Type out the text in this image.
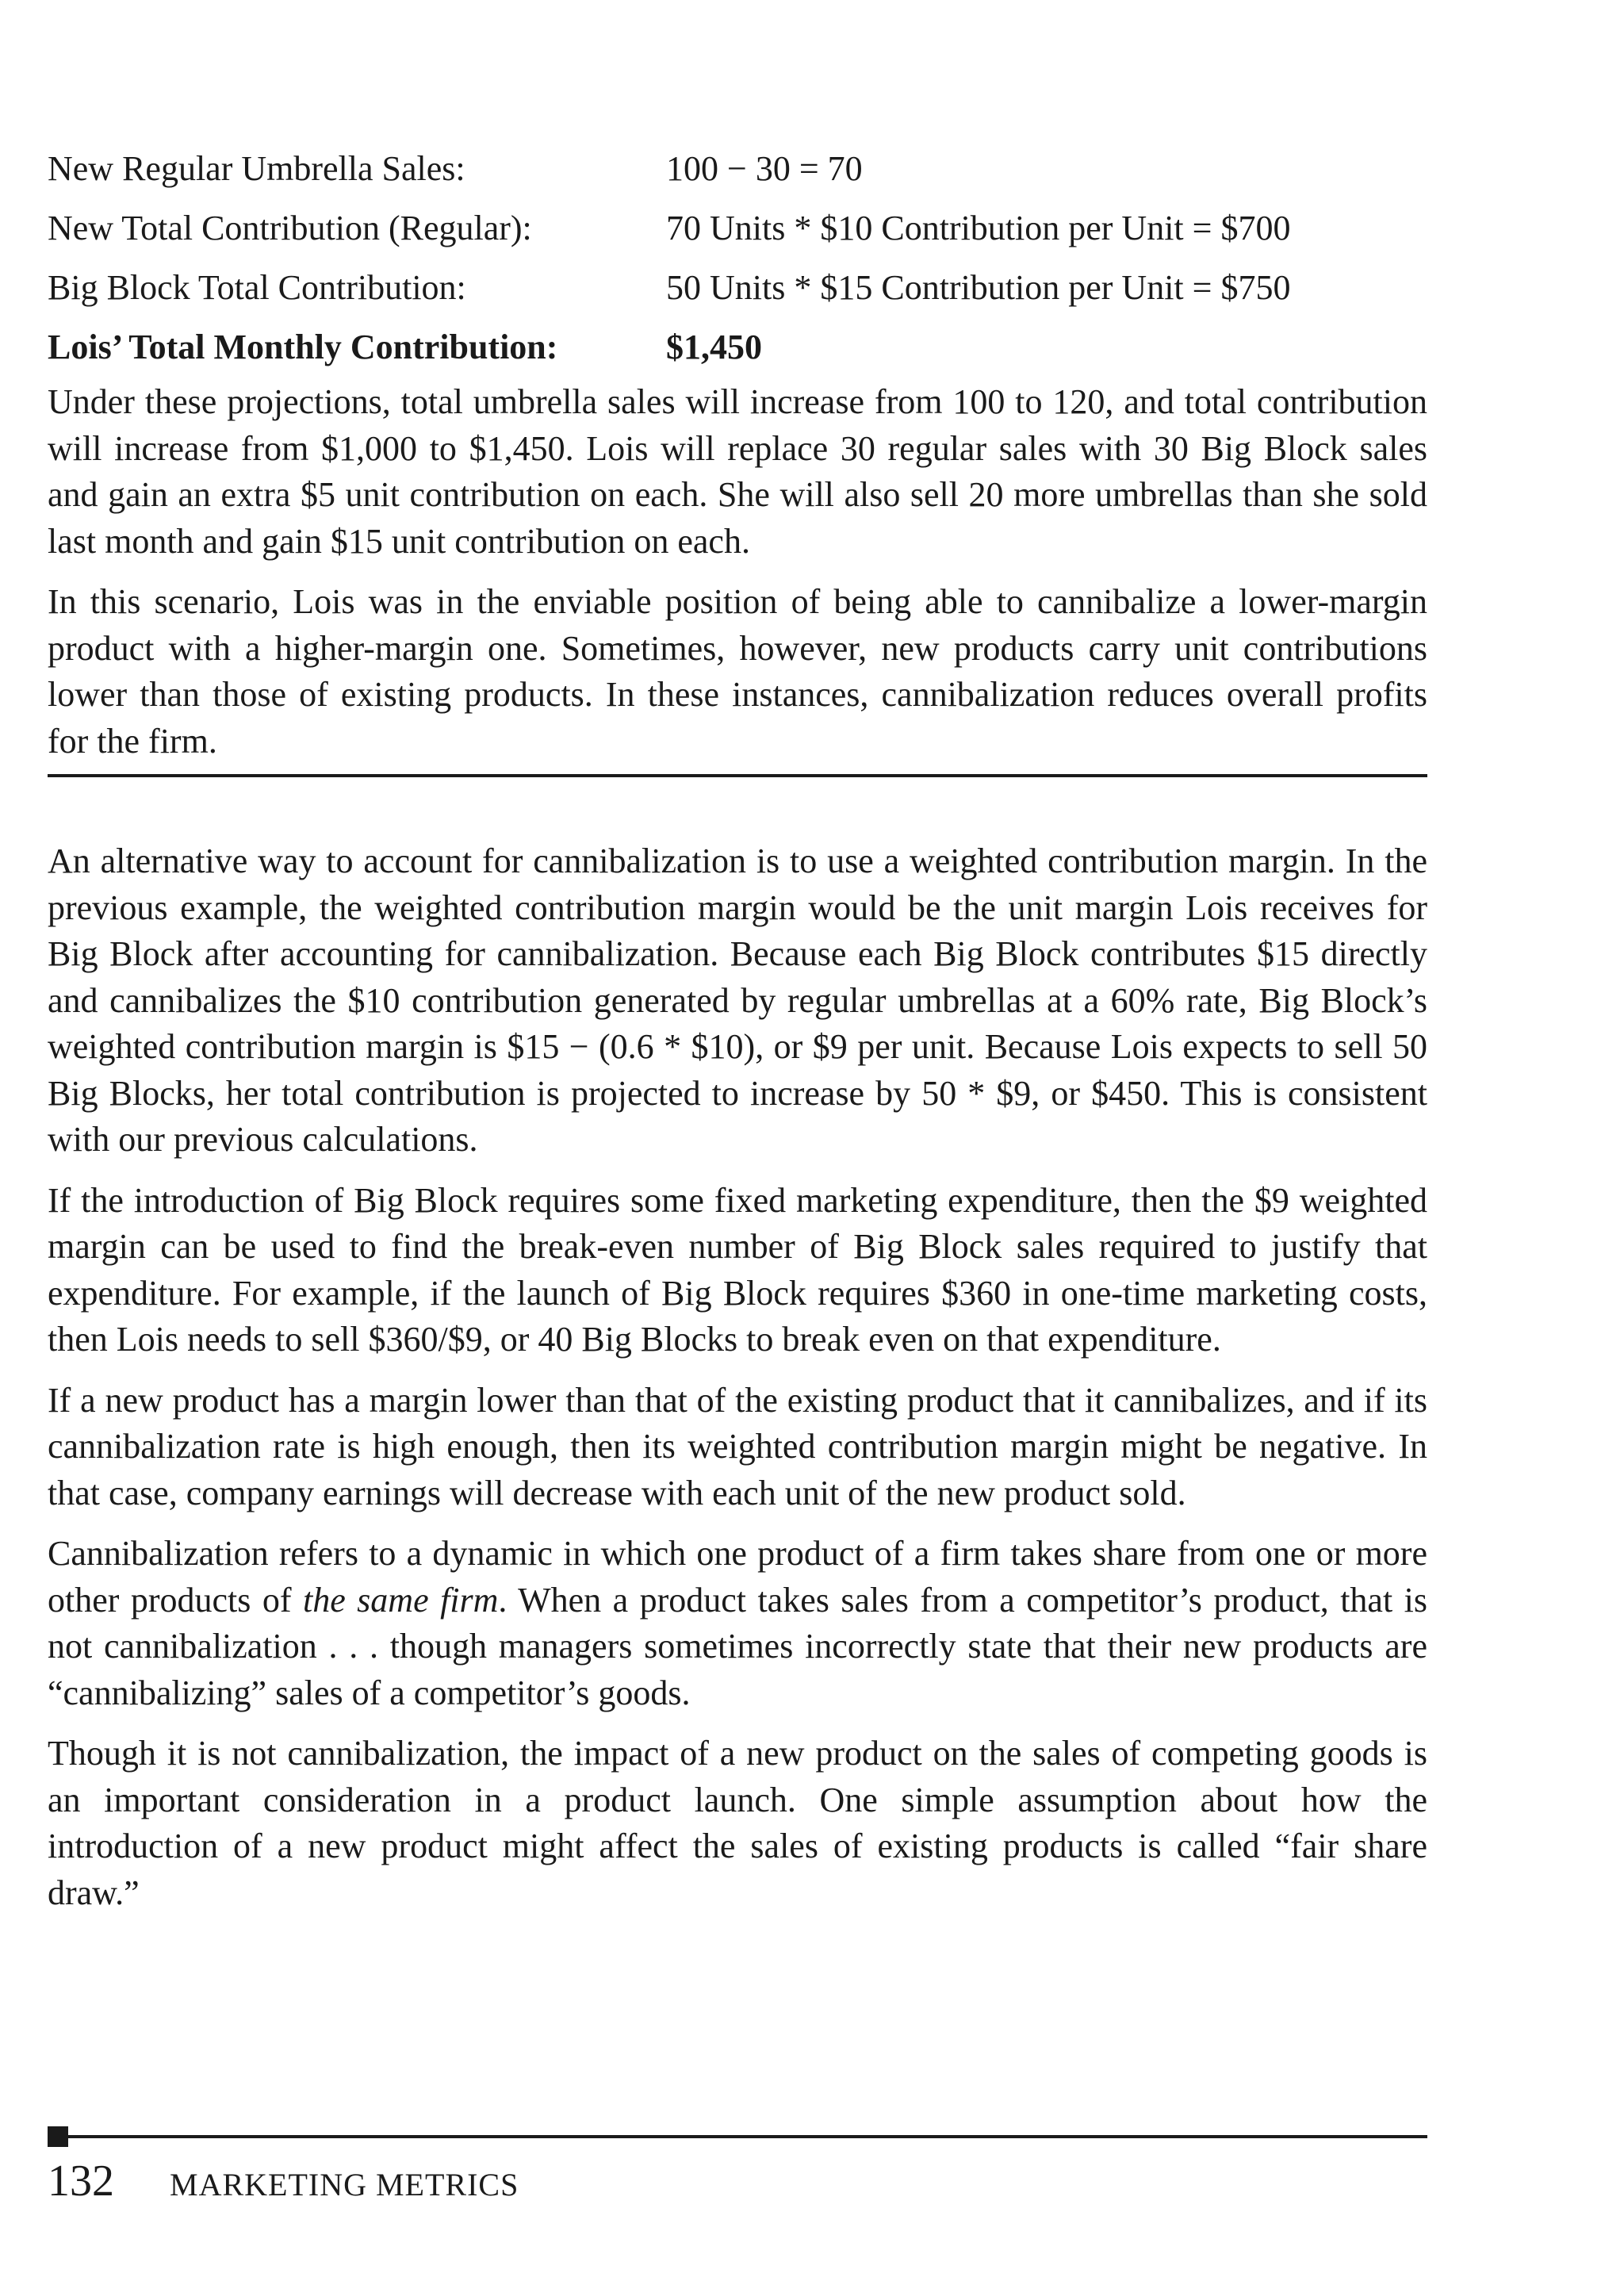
New Regular Umbrella Sales:	100 − 30 = 70
New Total Contribution (Regular):	70 Units * $10 Contribution per Unit = $700
Big Block Total Contribution:	50 Units * $15 Contribution per Unit = $750
Lois’ Total Monthly Contribution:	$1,450

Under these projections, total umbrella sales will increase from 100 to 120, and total contribution will increase from $1,000 to $1,450. Lois will replace 30 regular sales with 30 Big Block sales and gain an extra $5 unit contribution on each. She will also sell 20 more umbrellas than she sold last month and gain $15 unit contribution on each.

In this scenario, Lois was in the enviable position of being able to cannibalize a lower-margin product with a higher-margin one. Sometimes, however, new products carry unit contributions lower than those of existing products. In these instances, cannibalization reduces overall profits for the firm.

An alternative way to account for cannibalization is to use a weighted contribution margin. In the previous example, the weighted contribution margin would be the unit margin Lois receives for Big Block after accounting for cannibalization. Because each Big Block contributes $15 directly and cannibalizes the $10 contribution generated by regular umbrellas at a 60% rate, Big Block’s weighted contribution margin is $15 − (0.6 * $10), or $9 per unit. Because Lois expects to sell 50 Big Blocks, her total contribution is projected to increase by 50 * $9, or $450. This is consistent with our previous calculations.

If the introduction of Big Block requires some fixed marketing expenditure, then the $9 weighted margin can be used to find the break-even number of Big Block sales required to justify that expenditure. For example, if the launch of Big Block requires $360 in one-time marketing costs, then Lois needs to sell $360/$9, or 40 Big Blocks to break even on that expenditure.

If a new product has a margin lower than that of the existing product that it cannibalizes, and if its cannibalization rate is high enough, then its weighted contribution margin might be negative. In that case, company earnings will decrease with each unit of the new product sold.

Cannibalization refers to a dynamic in which one product of a firm takes share from one or more other products of the same firm. When a product takes sales from a competitor’s product, that is not cannibalization . . . though managers sometimes incorrectly state that their new products are “cannibalizing” sales of a competitor’s goods.

Though it is not cannibalization, the impact of a new product on the sales of competing goods is an important consideration in a product launch. One simple assumption about how the introduction of a new product might affect the sales of existing products is called “fair share draw.”

132 MARKETING METRICS
